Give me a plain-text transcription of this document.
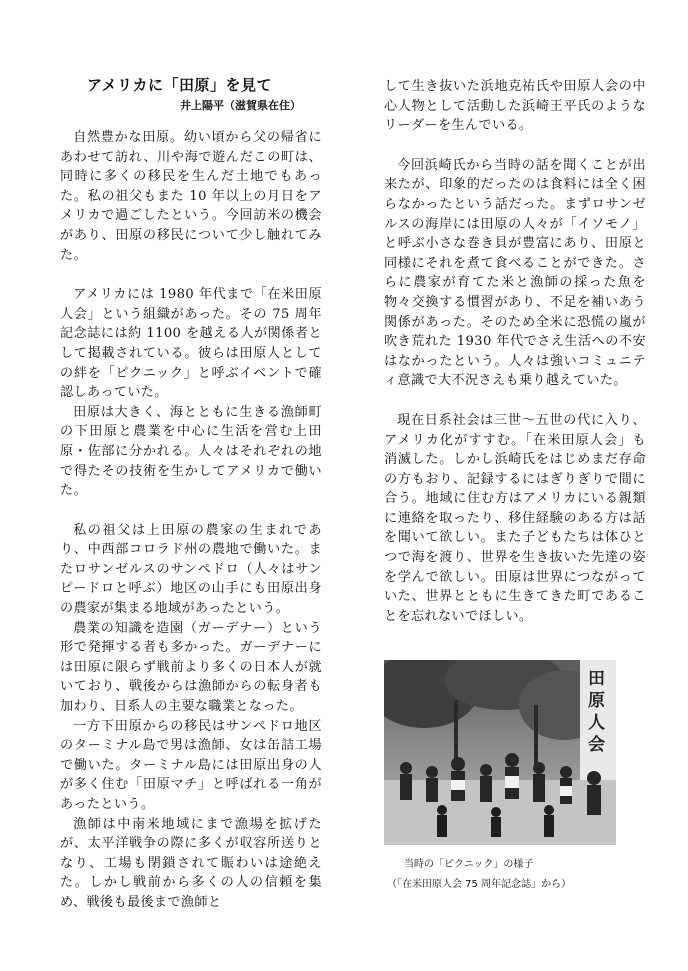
アメリカに「田原」を見て
井上陽平（滋賀県在住）

自然豊かな田原。幼い頃から父の帰省にあわせて訪れ、川や海で遊んだこの町は、同時に多くの移民を生んだ土地でもあった。私の祖父もまた 10 年以上の月日をアメリカで過ごしたという。今回訪米の機会があり、田原の移民について少し触れてみた。

アメリカには 1980 年代まで「在米田原人会」という組織があった。その 75 周年記念誌には約 1100 を越える人が関係者として掲載されている。彼らは田原人としての絆を「ピクニック」と呼ぶイベントで確認しあっていた。

田原は大きく、海とともに生きる漁師町の下田原と農業を中心に生活を営む上田原・佐部に分かれる。人々はそれぞれの地で得たその技術を生かしてアメリカで働いた。

私の祖父は上田原の農家の生まれであり、中西部コロラド州の農地で働いた。またロサンゼルスのサンペドロ（人々はサンピードロと呼ぶ）地区の山手にも田原出身の農家が集まる地域があったという。

農業の知識を造園（ガーデナー）という形で発揮する者も多かった。ガーデナーには田原に限らず戦前より多くの日本人が就いており、戦後からは漁師からの転身者も加わり、日系人の主要な職業となった。

一方下田原からの移民はサンペドロ地区のターミナル島で男は漁師、女は缶詰工場で働いた。ターミナル島には田原出身の人が多く住む「田原マチ」と呼ばれる一角があったという。

漁師は中南米地域にまで漁場を拡げたが、太平洋戦争の際に多くが収容所送りとなり、工場も閉鎖されて賑わいは途絶えた。しかし戦前から多くの人の信頼を集め、戦後も最後まで漁師と

して生き抜いた浜地克祐氏や田原人会の中心人物として活動した浜崎王平氏のようなリーダーを生んでいる。

今回浜崎氏から当時の話を聞くことが出来たが、印象的だったのは食料には全く困らなかったという話だった。まずロサンゼルスの海岸には田原の人々が「イソモノ」と呼ぶ小さな巻き貝が豊富にあり、田原と同様にそれを煮て食べることができた。さらに農家が育てた米と漁師の採った魚を物々交換する慣習があり、不足を補いあう関係があった。そのため全米に恐慌の嵐が吹き荒れた 1930 年代でさえ生活への不安はなかったという。人々は強いコミュニティ意識で大不況さえも乗り越えていた。

現在日系社会は三世～五世の代に入り、アメリカ化がすすむ。「在米田原人会」も消滅した。しかし浜崎氏をはじめまだ存命の方もおり、記録するにはぎりぎりで間に合う。地域に住む方はアメリカにいる親類に連絡を取ったり、移住経験のある方は話を聞いて欲しい。また子どもたちは体ひとつで海を渡り、世界を生き抜いた先達の姿を学んで欲しい。田原は世界につながっていた、世界とともに生きてきた町であることを忘れないでほしい。

田原人会
当時の「ピクニック」の様子
（「在米田原人会 75 周年記念誌」から）
